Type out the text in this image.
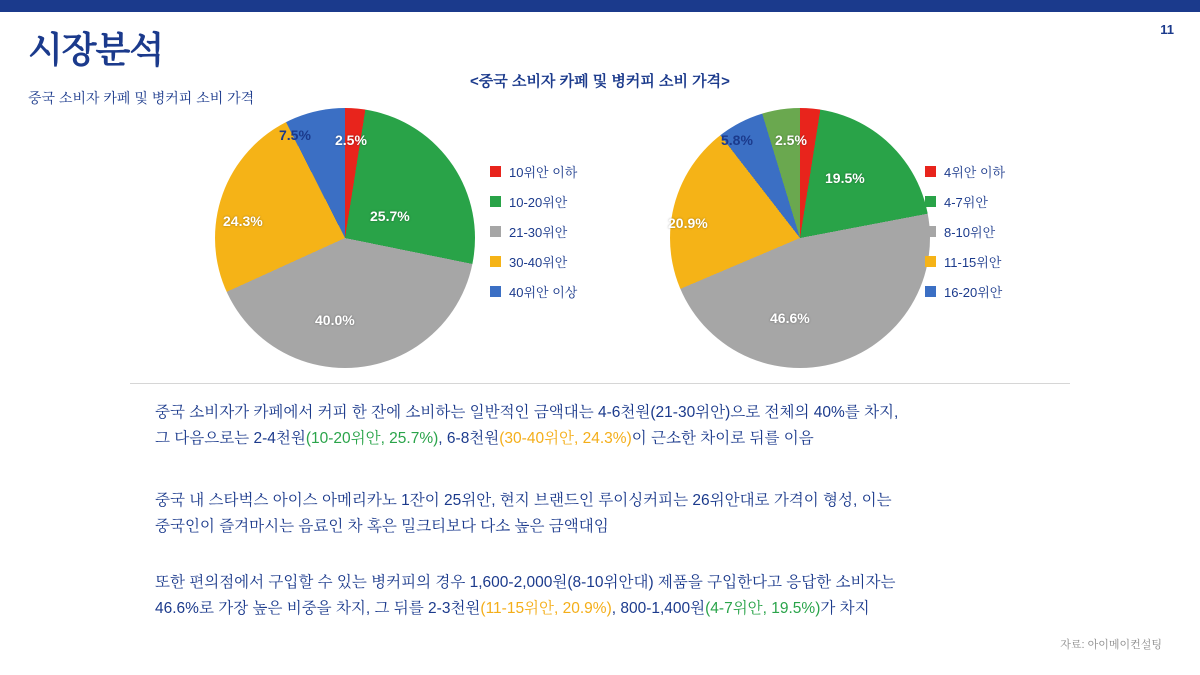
11
시장분석
중국 소비자 카페 및 병커피 소비 가격
<중국 소비자 카페 및 병커피 소비 가격>
2.5%
25.7%
40.0%
24.3%
7.5%
10위안 이하
10-20위안
21-30위안
30-40위안
40위안 이상
2.5%
19.5%
46.6%
20.9%
5.8%
4위안 이하
4-7위안
8-10위안
11-15위안
16-20위안
중국 소비자가 카페에서 커피 한 잔에 소비하는 일반적인 금액대는 4-6천원(21-30위안)으로 전체의 40%를 차지,
그 다음으로는 2-4천원(10-20위안, 25.7%), 6-8천원(30-40위안, 24.3%)이 근소한 차이로 뒤를 이음
중국 내 스타벅스 아이스 아메리카노 1잔이 25위안, 현지 브랜드인 루이싱커피는 26위안대로 가격이 형성, 이는
중국인이 즐겨마시는 음료인 차 혹은 밀크티보다 다소 높은 금액대임
또한 편의점에서 구입할 수 있는 병커피의 경우 1,600-2,000원(8-10위안대) 제품을 구입한다고 응답한 소비자는
46.6%로 가장 높은 비중을 차지, 그 뒤를 2-3천원(11-15위안, 20.9%), 800-1,400원(4-7위안, 19.5%)가 차지
자료: 아이메이컨설팅
